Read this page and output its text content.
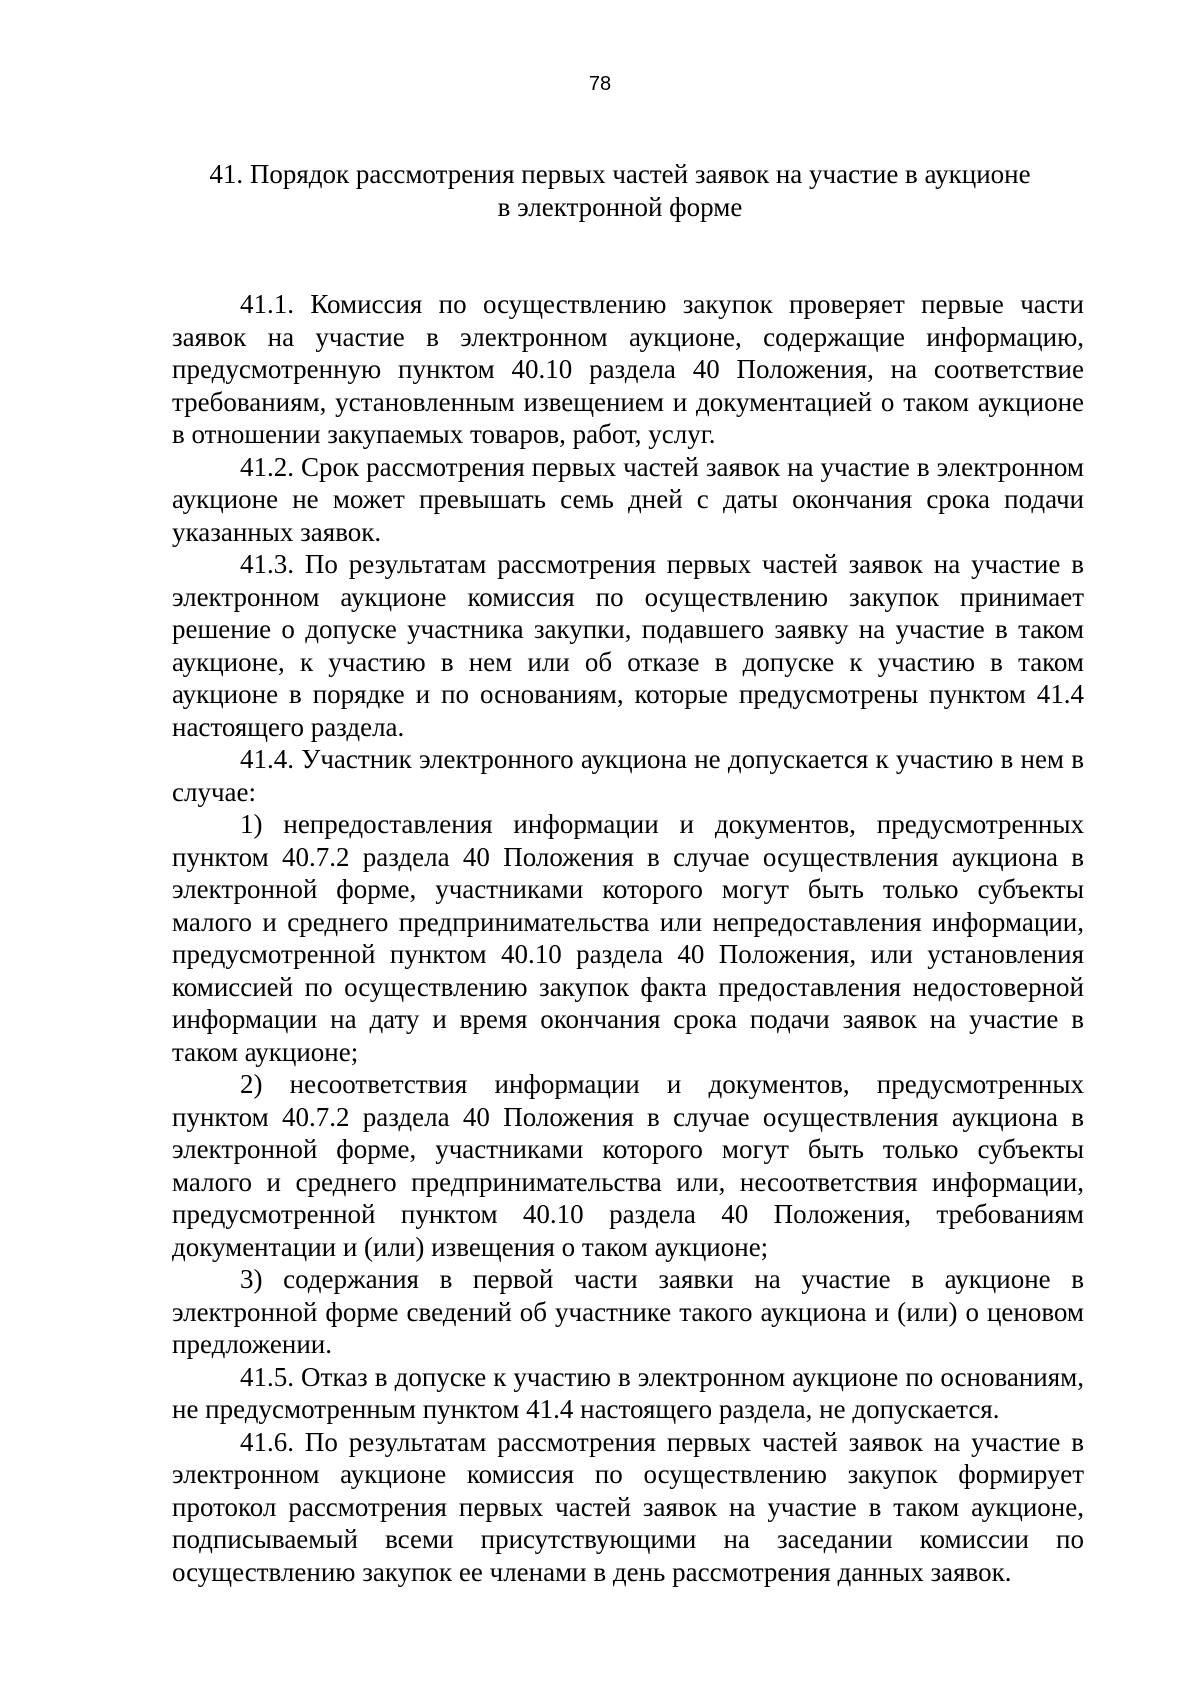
78
41. Порядок рассмотрения первых частей заявок на участие в аукционе
в электронной форме

41.1. Комиссия по осуществлению закупок проверяет первые части заявок на участие в электронном аукционе, содержащие информацию, предусмотренную пунктом 40.10 раздела 40 Положения, на соответствие требованиям, установленным извещением и документацией о таком аукционе в отношении закупаемых товаров, работ, услуг.

41.2. Срок рассмотрения первых частей заявок на участие в электронном аукционе не может превышать семь дней с даты окончания срока подачи указанных заявок.

41.3. По результатам рассмотрения первых частей заявок на участие в электронном аукционе комиссия по осуществлению закупок принимает решение о допуске участника закупки, подавшего заявку на участие в таком аукционе, к участию в нем или об отказе в допуске к участию в таком аукционе в порядке и по основаниям, которые предусмотрены пунктом 41.4 настоящего раздела.

41.4. Участник электронного аукциона не допускается к участию в нем в случае:

1) непредоставления информации и документов, предусмотренных пунктом 40.7.2 раздела 40 Положения в случае осуществления аукциона в электронной форме, участниками которого могут быть только субъекты малого и среднего предпринимательства или непредоставления информации, предусмотренной пунктом 40.10 раздела 40 Положения, или установления комиссией по осуществлению закупок факта предоставления недостоверной информации на дату и время окончания срока подачи заявок на участие в таком аукционе;

2) несоответствия информации и документов, предусмотренных пунктом 40.7.2 раздела 40 Положения в случае осуществления аукциона в электронной форме, участниками которого могут быть только субъекты малого и среднего предпринимательства или, несоответствия информации, предусмотренной пунктом 40.10 раздела 40 Положения, требованиям документации и (или) извещения о таком аукционе;

3) содержания в первой части заявки на участие в аукционе в электронной форме сведений об участнике такого аукциона и (или) о ценовом предложении.

41.5. Отказ в допуске к участию в электронном аукционе по основаниям, не предусмотренным пунктом 41.4 настоящего раздела, не допускается.

41.6. По результатам рассмотрения первых частей заявок на участие в электронном аукционе комиссия по осуществлению закупок формирует протокол рассмотрения первых частей заявок на участие в таком аукционе, подписываемый всеми присутствующими на заседании комиссии по осуществлению закупок ее членами в день рассмотрения данных заявок.
